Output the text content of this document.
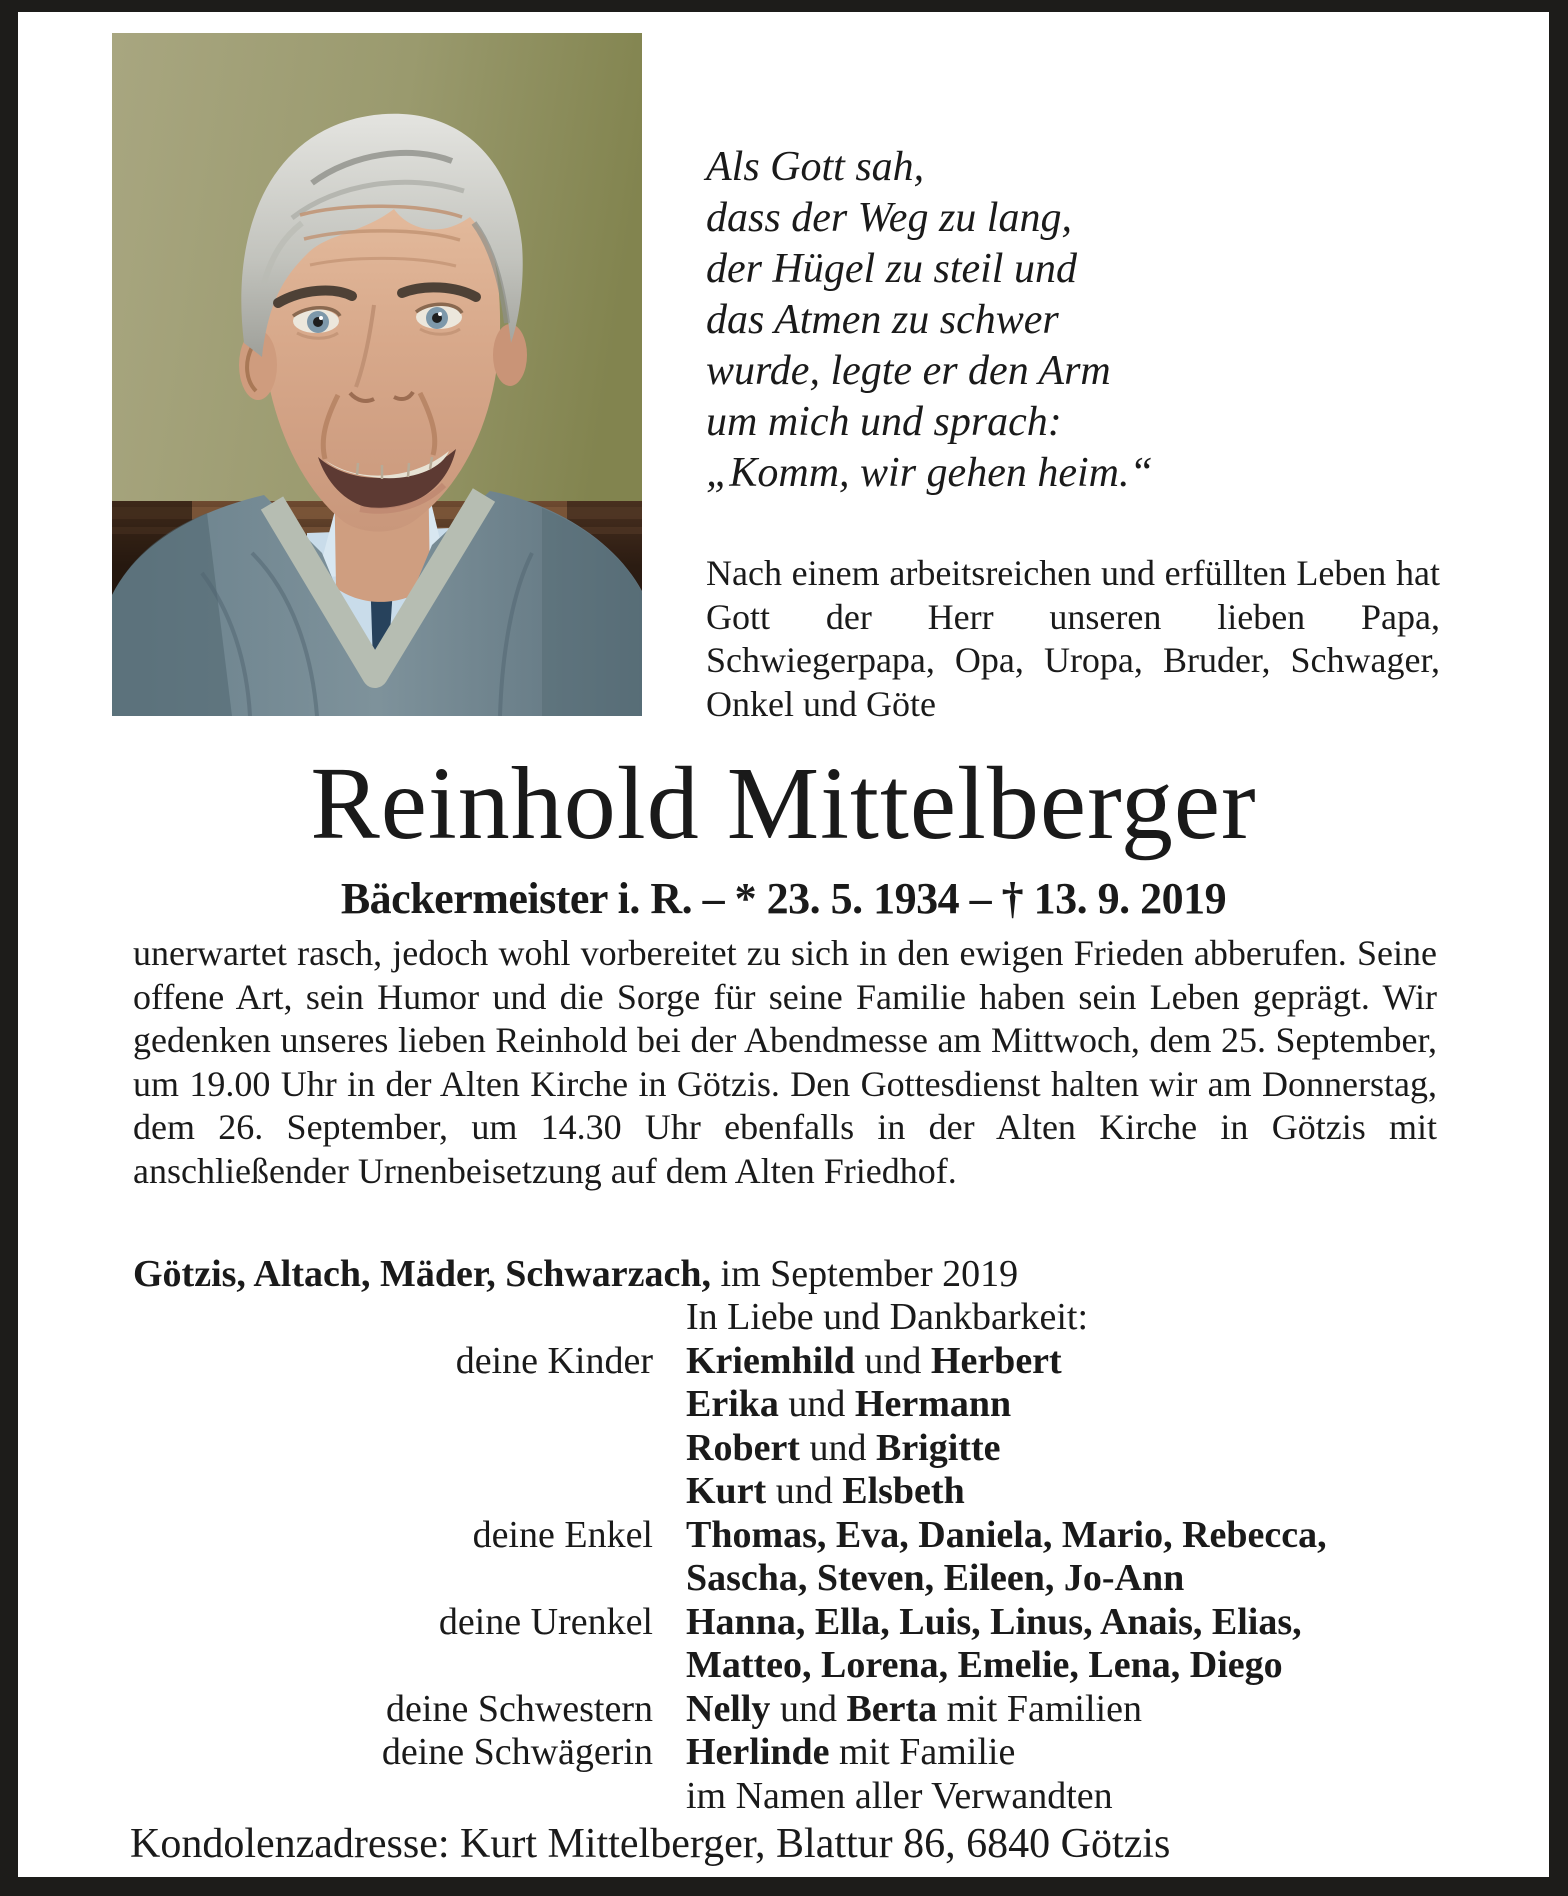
Als Gott sah,
dass der Weg zu lang,
der Hügel zu steil und
das Atmen zu schwer
wurde, legte er den Arm
um mich und sprach:
„Komm, wir gehen heim.“
Nach einem arbeitsreichen und erfüllten Leben hat Gott der Herr unseren lieben Papa, Schwiegerpapa, Opa, Uropa, Bruder, Schwager, Onkel und Göte
Reinhold Mittelberger
Bäckermeister i. R. – * 23. 5. 1934 – † 13. 9. 2019
unerwartet rasch, jedoch wohl vorbereitet zu sich in den ewigen Frieden abberufen. Seine offene Art, sein Humor und die Sorge für seine Familie haben sein Leben geprägt. Wir gedenken unseres lieben Reinhold bei der Abendmesse am Mittwoch, dem 25. September, um 19.00 Uhr in der Alten Kirche in Götzis. Den Gottesdienst halten wir am Donnerstag, dem 26. September, um 14.30 Uhr ebenfalls in der Alten Kirche in Götzis mit anschließender Urnenbeisetzung auf dem Alten Friedhof.
Götzis, Altach, Mäder, Schwarzach, im September 2019
In Liebe und Dankbarkeit:
deine Kinder Kriemhild und Herbert
Erika und Hermann
Robert und Brigitte
Kurt und Elsbeth
deine Enkel Thomas, Eva, Daniela, Mario, Rebecca,
Sascha, Steven, Eileen, Jo-Ann
deine Urenkel Hanna, Ella, Luis, Linus, Anais, Elias,
Matteo, Lorena, Emelie, Lena, Diego
deine Schwestern Nelly und Berta mit Familien
deine Schwägerin Herlinde mit Familie
im Namen aller Verwandten
Kondolenzadresse: Kurt Mittelberger, Blattur 86, 6840 Götzis
